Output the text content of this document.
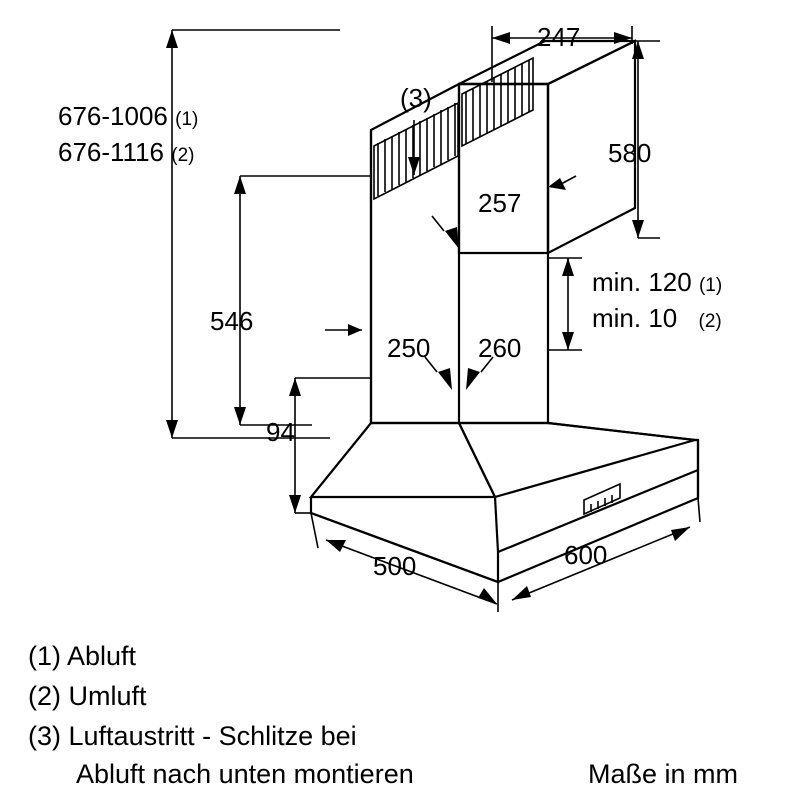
676-1006 (1)
676-1116 (2)
247
580
257
min. 120 (1)
min. 10 (2)
546
250 260
94
500	600
(3)
(1) Abluft
(2) Umluft
(3) Luftaustritt - Schlitze bei
Abluft nach unten montieren	Maße in mm
